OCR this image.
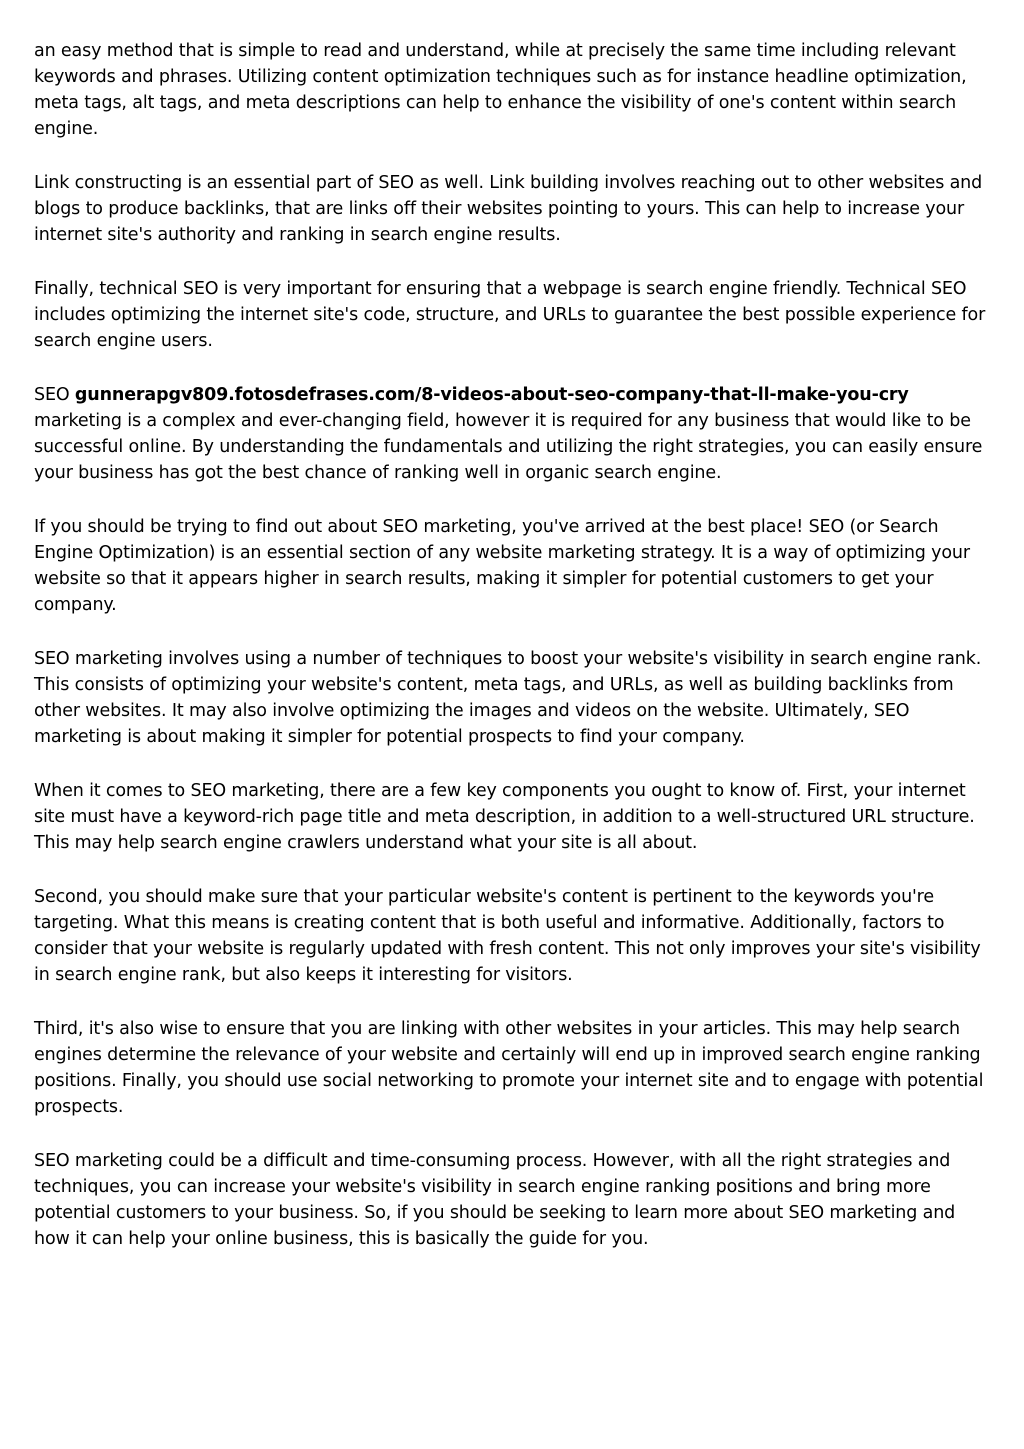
an easy method that is simple to read and understand, while at precisely the same time including relevant keywords and phrases. Utilizing content optimization techniques such as for instance headline optimization, meta tags, alt tags, and meta descriptions can help to enhance the visibility of one's content within search engine.

Link constructing is an essential part of SEO as well. Link building involves reaching out to other websites and blogs to produce backlinks, that are links off their websites pointing to yours. This can help to increase your internet site's authority and ranking in search engine results.

Finally, technical SEO is very important for ensuring that a webpage is search engine friendly. Technical SEO includes optimizing the internet site's code, structure, and URLs to guarantee the best possible experience for search engine users.

SEO gunnerapgv809.fotosdefrases.com/8-videos-about-seo-company-that-ll-make-you-cry marketing is a complex and ever-changing field, however it is required for any business that would like to be successful online. By understanding the fundamentals and utilizing the right strategies, you can easily ensure your business has got the best chance of ranking well in organic search engine.

If you should be trying to find out about SEO marketing, you've arrived at the best place! SEO (or Search Engine Optimization) is an essential section of any website marketing strategy. It is a way of optimizing your website so that it appears higher in search results, making it simpler for potential customers to get your company.

SEO marketing involves using a number of techniques to boost your website's visibility in search engine rank. This consists of optimizing your website's content, meta tags, and URLs, as well as building backlinks from other websites. It may also involve optimizing the images and videos on the website. Ultimately, SEO marketing is about making it simpler for potential prospects to find your company.

When it comes to SEO marketing, there are a few key components you ought to know of. First, your internet site must have a keyword-rich page title and meta description, in addition to a well-structured URL structure. This may help search engine crawlers understand what your site is all about.

Second, you should make sure that your particular website's content is pertinent to the keywords you're targeting. What this means is creating content that is both useful and informative. Additionally, factors to consider that your website is regularly updated with fresh content. This not only improves your site's visibility in search engine rank, but also keeps it interesting for visitors.

Third, it's also wise to ensure that you are linking with other websites in your articles. This may help search engines determine the relevance of your website and certainly will end up in improved search engine ranking positions. Finally, you should use social networking to promote your internet site and to engage with potential prospects.

SEO marketing could be a difficult and time-consuming process. However, with all the right strategies and techniques, you can increase your website's visibility in search engine ranking positions and bring more potential customers to your business. So, if you should be seeking to learn more about SEO marketing and how it can help your online business, this is basically the guide for you.
